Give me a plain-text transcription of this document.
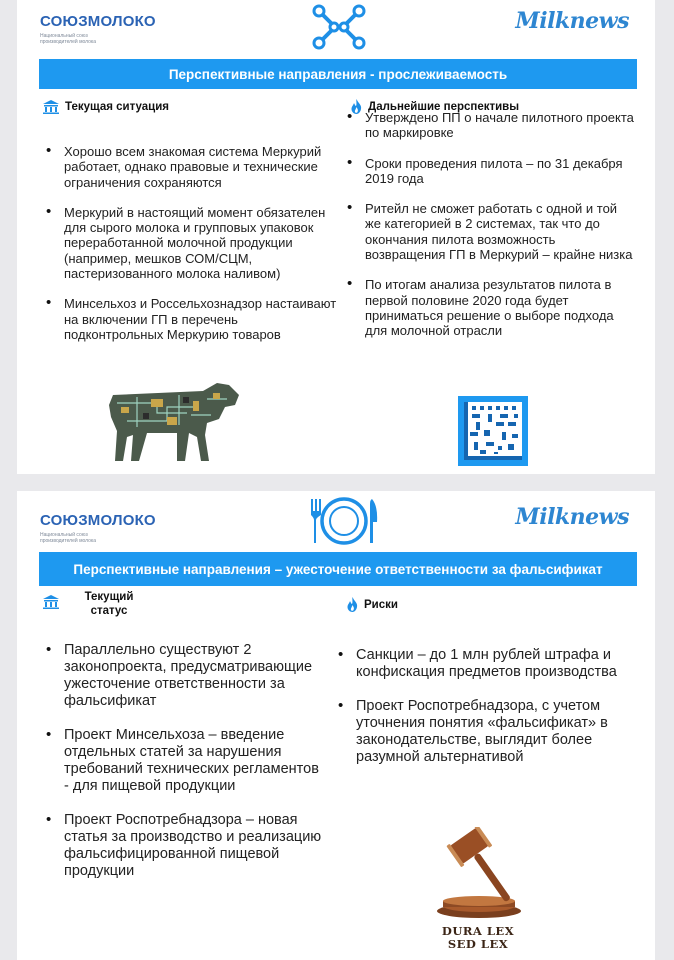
СОЮЗМОЛОКО
Национальный союз производителей молока
Milknews
Перспективные направления - прослеживаемость
Текущая ситуация	Дальнейшие перспективы
• Хорошо всем знакомая система Меркурий работает, однако правовые и технические ограничения сохраняются
• Меркурий в настоящий момент обязателен для сырого молока и групповых упаковок переработанной молочной продукции (например, мешков СОМ/СЦМ, пастеризованного молока наливом)
• Минсельхоз и Россельхознадзор настаивают на включении ГП в перечень подконтрольных Меркурию товаров
• Утверждено ПП о начале пилотного проекта по маркировке
• Сроки проведения пилота – по 31 декабря 2019 года
• Ритейл не сможет работать с одной и той же категорией в 2 системах, так что до окончания пилота возможность возвращения ГП в Меркурий – крайне низка
• По итогам анализа результатов пилота в первой половине 2020 года будет приниматься решение о выборе подхода для молочной отрасли
СОЮЗМОЛОКО
Национальный союз производителей молока
Milknews
Перспективные направления – ужесточение ответственности за фальсификат
Текущий статус
Риски
• Параллельно существуют 2 законопроекта, предусматривающие ужесточение ответственности за фальсификат
• Проект Минсельхоза – введение отдельных статей за нарушения требований технических регламентов - для пищевой продукции
• Проект Роспотребнадзора – новая статья за производство и реализацию фальсифицированной пищевой продукции
• Санкции – до 1 млн рублей штрафа и конфискация предметов производства
• Проект Роспотребнадзора, с учетом уточнения понятия «фальсификат» в законодательстве, выглядит более разумной альтернативой
DURA LEX SED LEX
